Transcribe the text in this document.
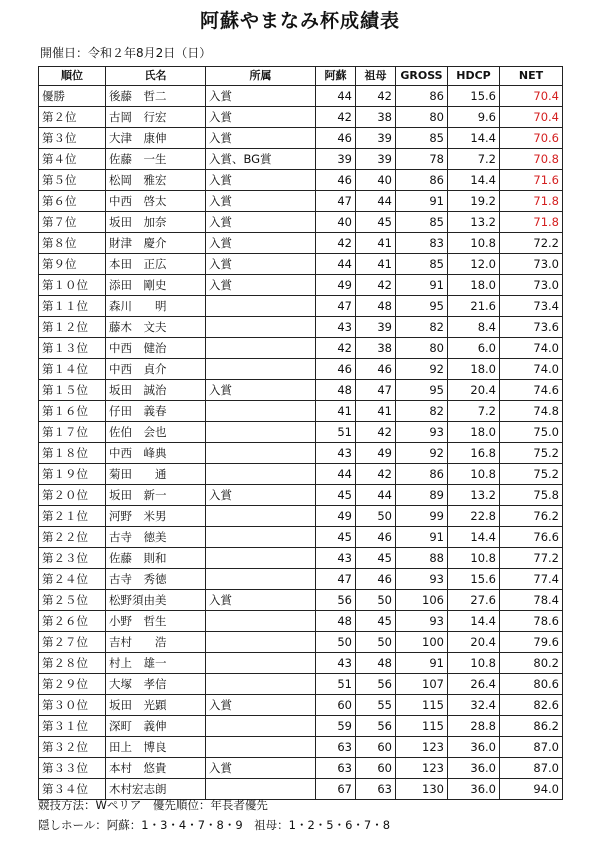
阿蘇やまなみ杯成績表
開催日：令和２年8月2日（日）
順位	氏名	所属	阿蘇	祖母	GROSS	HDCP	NET
優勝	後藤　哲二	入賞	44	42	86	15.6	70.4
第２位	古岡　行宏	入賞	42	38	80	9.6	70.4
第３位	大津　康伸	入賞	46	39	85	14.4	70.6
第４位	佐藤　一生	入賞、BG賞	39	39	78	7.2	70.8
第５位	松岡　雅宏	入賞	46	40	86	14.4	71.6
第６位	中西　啓太	入賞	47	44	91	19.2	71.8
第７位	坂田　加奈	入賞	40	45	85	13.2	71.8
第８位	財津　慶介	入賞	42	41	83	10.8	72.2
第９位	本田　正広	入賞	44	41	85	12.0	73.0
第１０位	添田　剛史	入賞	49	42	91	18.0	73.0
第１１位	森川　　明		47	48	95	21.6	73.4
第１２位	藤木　文夫		43	39	82	8.4	73.6
第１３位	中西　健治		42	38	80	6.0	74.0
第１４位	中西　貞介		46	46	92	18.0	74.0
第１５位	坂田　誠治	入賞	48	47	95	20.4	74.6
第１６位	仔田　義春		41	41	82	7.2	74.8
第１７位	佐伯　会也		51	42	93	18.0	75.0
第１８位	中西　峰典		43	49	92	16.8	75.2
第１９位	菊田　　通		44	42	86	10.8	75.2
第２０位	坂田　新一	入賞	45	44	89	13.2	75.8
第２１位	河野　米男		49	50	99	22.8	76.2
第２２位	古寺　徳美		45	46	91	14.4	76.6
第２３位	佐藤　則和		43	45	88	10.8	77.2
第２４位	古寺　秀徳		47	46	93	15.6	77.4
第２５位	松野須由美	入賞	56	50	106	27.6	78.4
第２６位	小野　哲生		48	45	93	14.4	78.6
第２７位	吉村　　浩		50	50	100	20.4	79.6
第２８位	村上　雄一		43	48	91	10.8	80.2
第２９位	大塚　孝信		51	56	107	26.4	80.6
第３０位	坂田　光顕	入賞	60	55	115	32.4	82.6
第３１位	深町　義伸		59	56	115	28.8	86.2
第３２位	田上　博良		63	60	123	36.0	87.0
第３３位	本村　悠貴	入賞	63	60	123	36.0	87.0
第３４位	木村宏志朗		67	63	130	36.0	94.0
競技方法：Wペリア　優先順位：年長者優先
隠しホール：阿蘇：1・3・4・7・8・9　祖母：1・2・5・6・7・8
